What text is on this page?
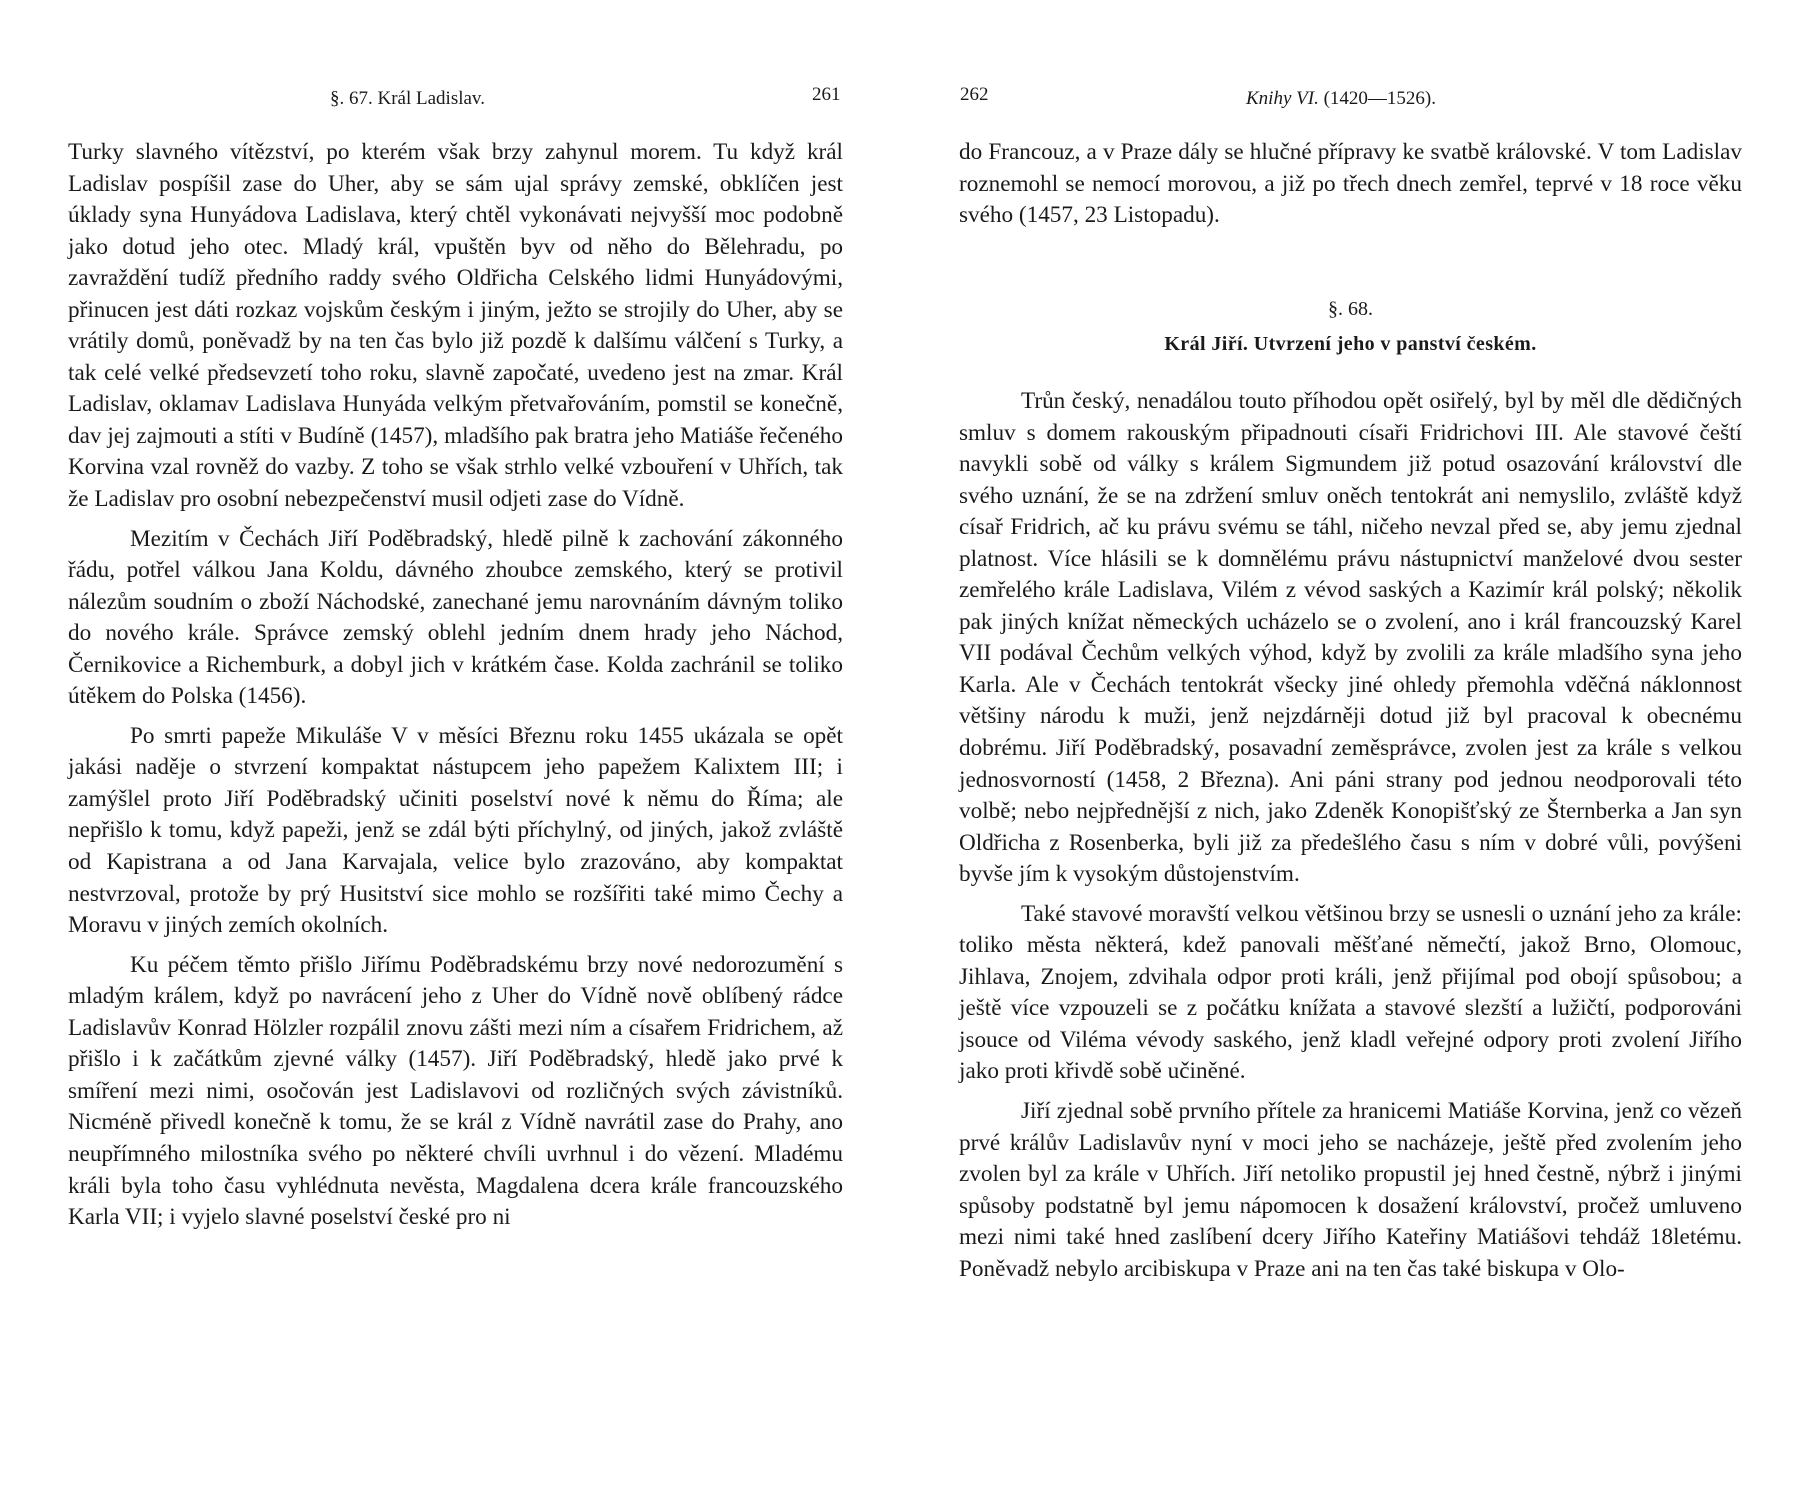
§. 67. Král Ladislav.	261

Turky slavného vítězství, po kterém však brzy zahynul morem. Tu když král Ladislav pospíšil zase do Uher, aby se sám ujal správy zemské, obklíčen jest úklady syna Hunyádova Ladislava, který chtěl vykonávati nejvyšší moc podobně jako dotud jeho otec. Mladý král, vpuštěn byv od něho do Bělehradu, po zavraždění tudíž předního raddy svého Oldřicha Celského lidmi Hunyádovými, přinucen jest dáti rozkaz vojskům českým i jiným, ježto se strojily do Uher, aby se vrátily domů, poněvadž by na ten čas bylo již pozdě k dalšímu válčení s Turky, a tak celé velké předsevzetí toho roku, slavně započaté, uvedeno jest na zmar. Král Ladislav, oklamav Ladislava Hunyáda velkým přetvařováním, pomstil se konečně, dav jej zajmouti a stíti v Budíně (1457), mladšího pak bratra jeho Matiáše řečeného Korvina vzal rovněž do vazby. Z toho se však strhlo velké vzbouření v Uhřích, tak že Ladislav pro osobní nebezpečenství musil odjeti zase do Vídně.

Mezitím v Čechách Jiří Poděbradský, hledě pilně k zachování zákonného řádu, potřel válkou Jana Koldu, dávného zhoubce zemského, který se protivil nálezům soudním o zboží Náchodské, zanechané jemu narovnáním dávným toliko do nového krále. Správce zemský oblehl jedním dnem hrady jeho Náchod, Černikovice a Richemburk, a dobyl jich v krátkém čase. Kolda zachránil se toliko útěkem do Polska (1456).

Po smrti papeže Mikuláše V v měsíci Březnu roku 1455 ukázala se opět jakási naděje o stvrzení kompaktat nástupcem jeho papežem Kalixtem III; i zamýšlel proto Jiří Poděbradský učiniti poselství nové k němu do Říma; ale nepřišlo k tomu, když papeži, jenž se zdál býti příchylný, od jiných, jakož zvláště od Kapistrana a od Jana Karvajala, velice bylo zrazováno, aby kompaktat nestvrzoval, protože by prý Husitství sice mohlo se rozšířiti také mimo Čechy a Moravu v jiných zemích okolních.

Ku péčem těmto přišlo Jiřímu Poděbradskému brzy nové nedorozumění s mladým králem, když po navrácení jeho z Uher do Vídně nově oblíbený rádce Ladislavův Konrad Hölzler rozpálil znovu zášti mezi ním a císařem Fridrichem, až přišlo i k začátkům zjevné války (1457). Jiří Poděbradský, hledě jako prvé k smíření mezi nimi, osočován jest Ladislavovi od rozličných svých závistníků. Nicméně přivedl konečně k tomu, že se král z Vídně navrátil zase do Prahy, ano neupřímného milostníka svého po některé chvíli uvrhnul i do vězení. Mladému králi byla toho času vyhlédnuta nevěsta, Magdalena dcera krále francouzského Karla VII; i vyjelo slavné poselství české pro ni

262	Knihy VI. (1420—1526).

do Francouz, a v Praze dály se hlučné přípravy ke svatbě královské. V tom Ladislav roznemohl se nemocí morovou, a již po třech dnech zemřel, teprvé v 18 roce věku svého (1457, 23 Listopadu).

§. 68.
Král Jiří. Utvrzení jeho v panství českém.

Trůn český, nenadálou touto příhodou opět osiřelý, byl by měl dle dědičných smluv s domem rakouským připadnouti císaři Fridrichovi III. Ale stavové čeští navykli sobě od války s králem Sigmundem již potud osazování království dle svého uznání, že se na zdržení smluv oněch tentokrát ani nemyslilo, zvláště když císař Fridrich, ač ku právu svému se táhl, ničeho nevzal před se, aby jemu zjednal platnost. Více hlásili se k domnělému právu nástupnictví manželové dvou sester zemřelého krále Ladislava, Vilém z vévod saských a Kazimír král polský; několik pak jiných knížat německých ucházelo se o zvolení, ano i král francouzský Karel VII podával Čechům velkých výhod, když by zvolili za krále mladšího syna jeho Karla. Ale v Čechách tentokrát všecky jiné ohledy přemohla vděčná náklonnost většiny národu k muži, jenž nejzdárněji dotud již byl pracoval k obecnému dobrému. Jiří Poděbradský, posavadní zeměsprávce, zvolen jest za krále s velkou jednosvorností (1458, 2 Března). Ani páni strany pod jednou neodporovali této volbě; nebo nejpřednější z nich, jako Zdeněk Konopišťský ze Šternberka a Jan syn Oldřicha z Rosenberka, byli již za předešlého času s ním v dobré vůli, povýšeni byvše jím k vysokým důstojenstvím.

Také stavové moravští velkou většinou brzy se usnesli o uznání jeho za krále: toliko města některá, kdež panovali měšťané němečtí, jakož Brno, Olomouc, Jihlava, Znojem, zdvihala odpor proti králi, jenž přijímal pod obojí spůsobou; a ještě více vzpouzeli se z počátku knížata a stavové slezští a lužičtí, podporováni jsouce od Viléma vévody saského, jenž kladl veřejné odpory proti zvolení Jiřího jako proti křivdě sobě učiněné.

Jiří zjednal sobě prvního přítele za hranicemi Matiáše Korvina, jenž co vězeň prvé králův Ladislavův nyní v moci jeho se nacházeje, ještě před zvolením jeho zvolen byl za krále v Uhřích. Jiří netoliko propustil jej hned čestně, nýbrž i jinými spůsoby podstatně byl jemu nápomocen k dosažení království, pročež umluveno mezi nimi také hned zaslíbení dcery Jiřího Kateřiny Matiášovi tehdáž 18letému. Poněvadž nebylo arcibiskupa v Praze ani na ten čas také biskupa v Olo-
